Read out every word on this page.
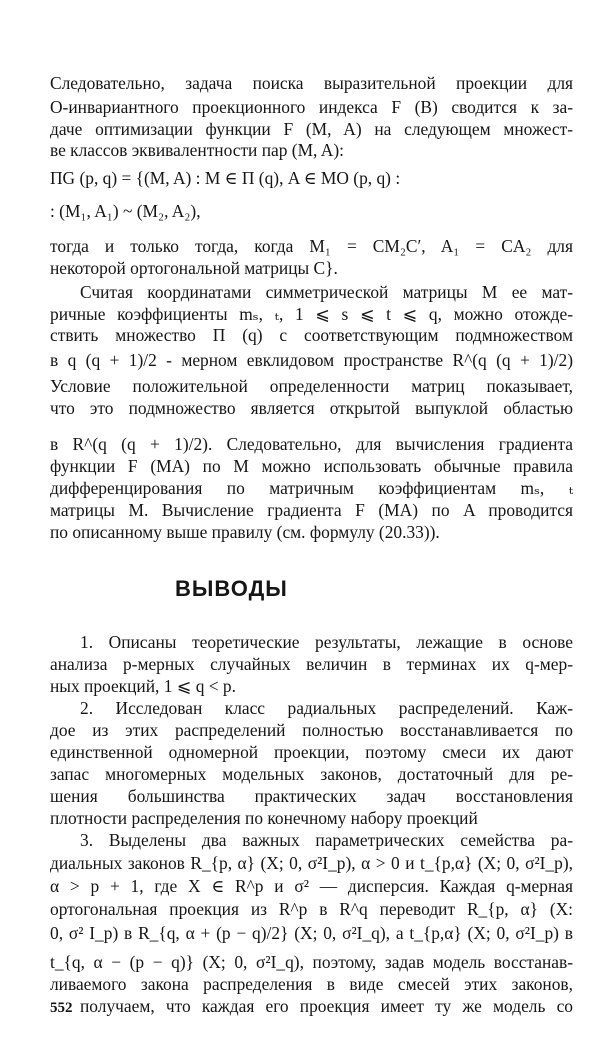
Следовательно, задача поиска выразительной проекции для
O-инвариантного проекционного индекса F (B) сводится к за-
даче оптимизации функции F (M, A) на следующем множест-
ве классов эквивалентности пар (M, A):
ΠG (p, q) = {(M, A) : M ∈ Π (q), A ∈ MO (p, q) :
: (M₁, A₁) ~ (M₂, A₂),
тогда и только тогда, когда M₁ = CM₂C′, A₁ = CA₂ для
некоторой ортогональной матрицы C}.
Считая координатами симметрической матрицы M ее мат-
ричные коэффициенты mₛ, ₜ, 1 ⩽ s ⩽ t ⩽ q, можно отожде-
ствить множество Π (q) с соответствующим подмножеством
в q (q + 1)/2 - мерном евклидовом пространстве R^(q (q + 1)/2)
Условие положительной определенности матриц показывает,
что это подмножество является открытой выпуклой областью
в R^(q (q + 1)/2). Следовательно, для вычисления градиента
функции F (MA) по M можно использовать обычные правила
дифференцирования по матричным коэффициентам mₛ, ₜ
матрицы M. Вычисление градиента F (MA) по A проводится
по описанному выше правилу (см. формулу (20.33)).
ВЫВОДЫ
1. Описаны теоретические результаты, лежащие в основе
анализа p-мерных случайных величин в терминах их q-мер-
ных проекций, 1 ⩽ q < p.
2. Исследован класс радиальных распределений. Каж-
дое из этих распределений полностью восстанавливается по
единственной одномерной проекции, поэтому смеси их дают
запас многомерных модельных законов, достаточный для ре-
шения большинства практических задач восстановления
плотности распределения по конечному набору проекций
3. Выделены два важных параметрических семейства ра-
диальных законов R_{p, α} (X; 0, σ²I_p), α > 0 и t_{p,α} (X; 0, σ²I_p),
α > p + 1, где X ∈ R^p и σ² — дисперсия. Каждая q-мерная
ортогональная проекция из R^p в R^q переводит R_{p, α} (X:
0, σ² I_p) в R_{q, α + (p − q)/2} (X; 0, σ²I_q), а t_{p,α} (X; 0, σ²I_p) в
t_{q, α − (p − q)} (X; 0, σ²I_q), поэтому, задав модель восстанав-
ливаемого закона распределения в виде смесей этих законов,
получаем, что каждая его проекция имеет ту же модель со
552
